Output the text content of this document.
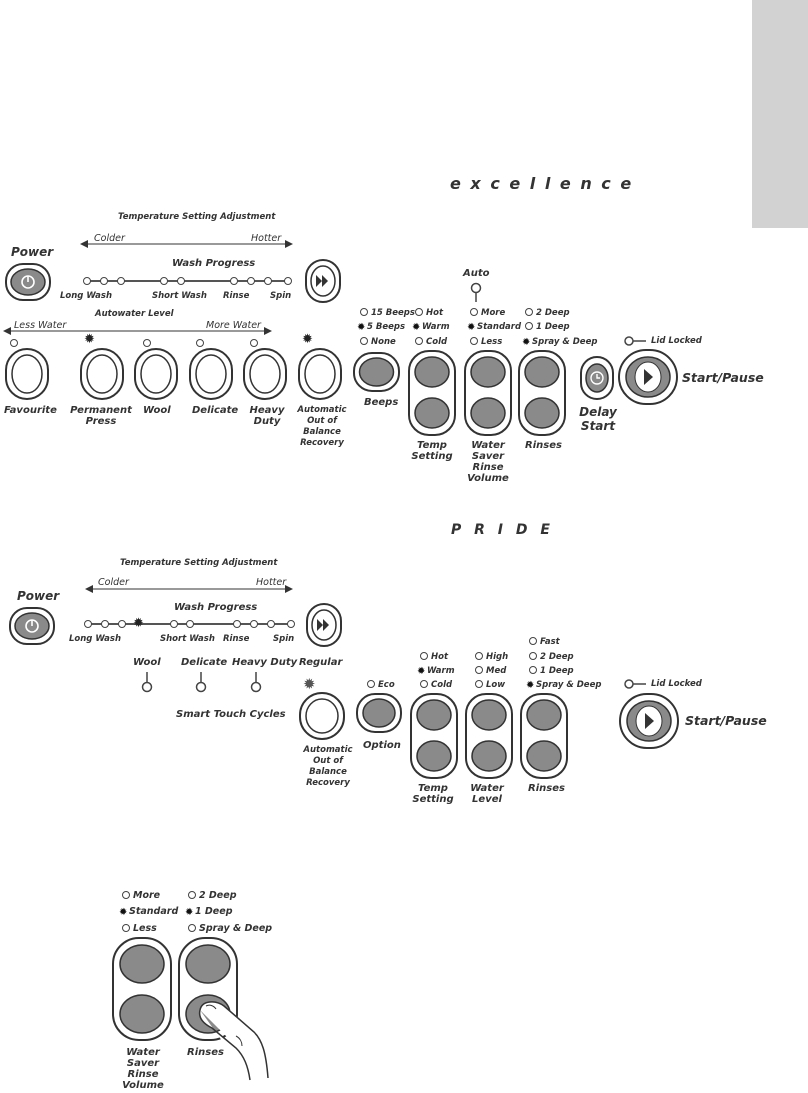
e x c e l l e n c e
Temperature Setting Adjustment
Colder	Hotter
Wash Progress
Long Wash	Short Wash Rinse Spin
Power
Autowater Level
Less Water	More Water
Auto
✹	✹
Favourite Permanent Press
Wool Delicate	Heavy Duty
Automatic Out of Balance Recovery
15 Beeps
✹ 5 Beeps
None
Beeps
Hot
✹ Warm
Cold
Temp Setting
More
✹ Standard
Less
Water Saver Rinse Volume
2 Deep
1 Deep
✹ Spray & Deep
Rinses
Delay Start
Lid Locked
Start/Pause
P R I D E
Temperature Setting Adjustment
Colder	Hotter
Wash Progress
✹
Long Wash	Short Wash Rinse	Spin
Power
Regular
Wool Delicate Heavy Duty
Smart Touch Cycles
✹
Automatic Out of Balance Recovery
Eco
Option
Hot
✹ Warm
Cold
Temp Setting
High
Med
Low
Water Level
Fast
2 Deep
1 Deep
✹ Spray & Deep
Rinses
Lid Locked
Start/Pause
More
✹ Standard
Less
2 Deep
✹ 1 Deep
Spray & Deep
Water Saver Rinse Volume
Rinses
